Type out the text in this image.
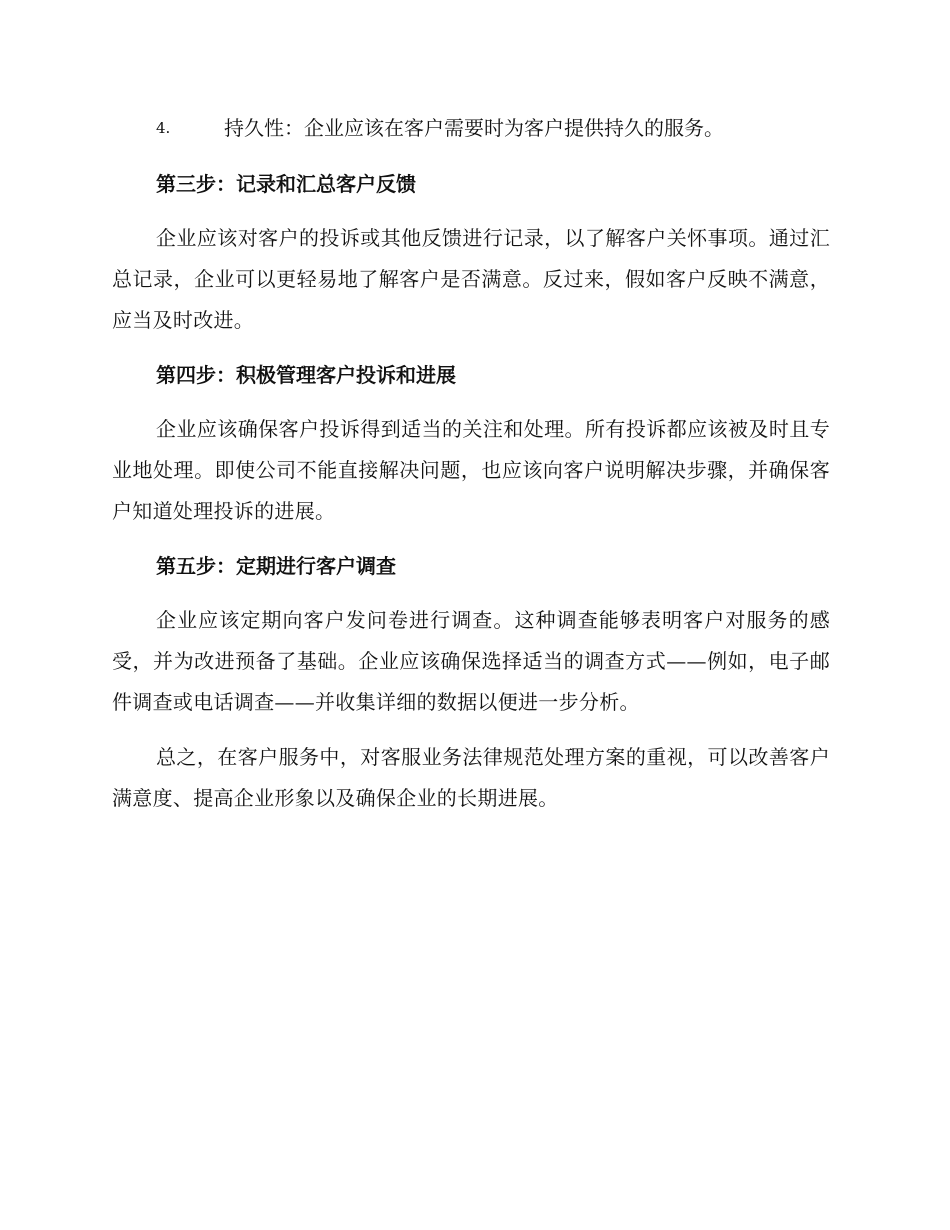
4.	持久性：企业应该在客户需要时为客户提供持久的服务。
第三步：记录和汇总客户反馈

企业应该对客户的投诉或其他反馈进行记录，以了解客户关怀事项。通过汇总记录，企业可以更轻易地了解客户是否满意。反过来，假如客户反映不满意，应当及时改进。

第四步：积极管理客户投诉和进展

企业应该确保客户投诉得到适当的关注和处理。所有投诉都应该被及时且专业地处理。即使公司不能直接解决问题，也应该向客户说明解决步骤，并确保客户知道处理投诉的进展。

第五步：定期进行客户调查

企业应该定期向客户发问卷进行调查。这种调查能够表明客户对服务的感受，并为改进预备了基础。企业应该确保选择适当的调查方式——例如，电子邮件调查或电话调查——并收集详细的数据以便进一步分析。

总之，在客户服务中，对客服业务法律规范处理方案的重视，可以改善客户满意度、提高企业形象以及确保企业的长期进展。
